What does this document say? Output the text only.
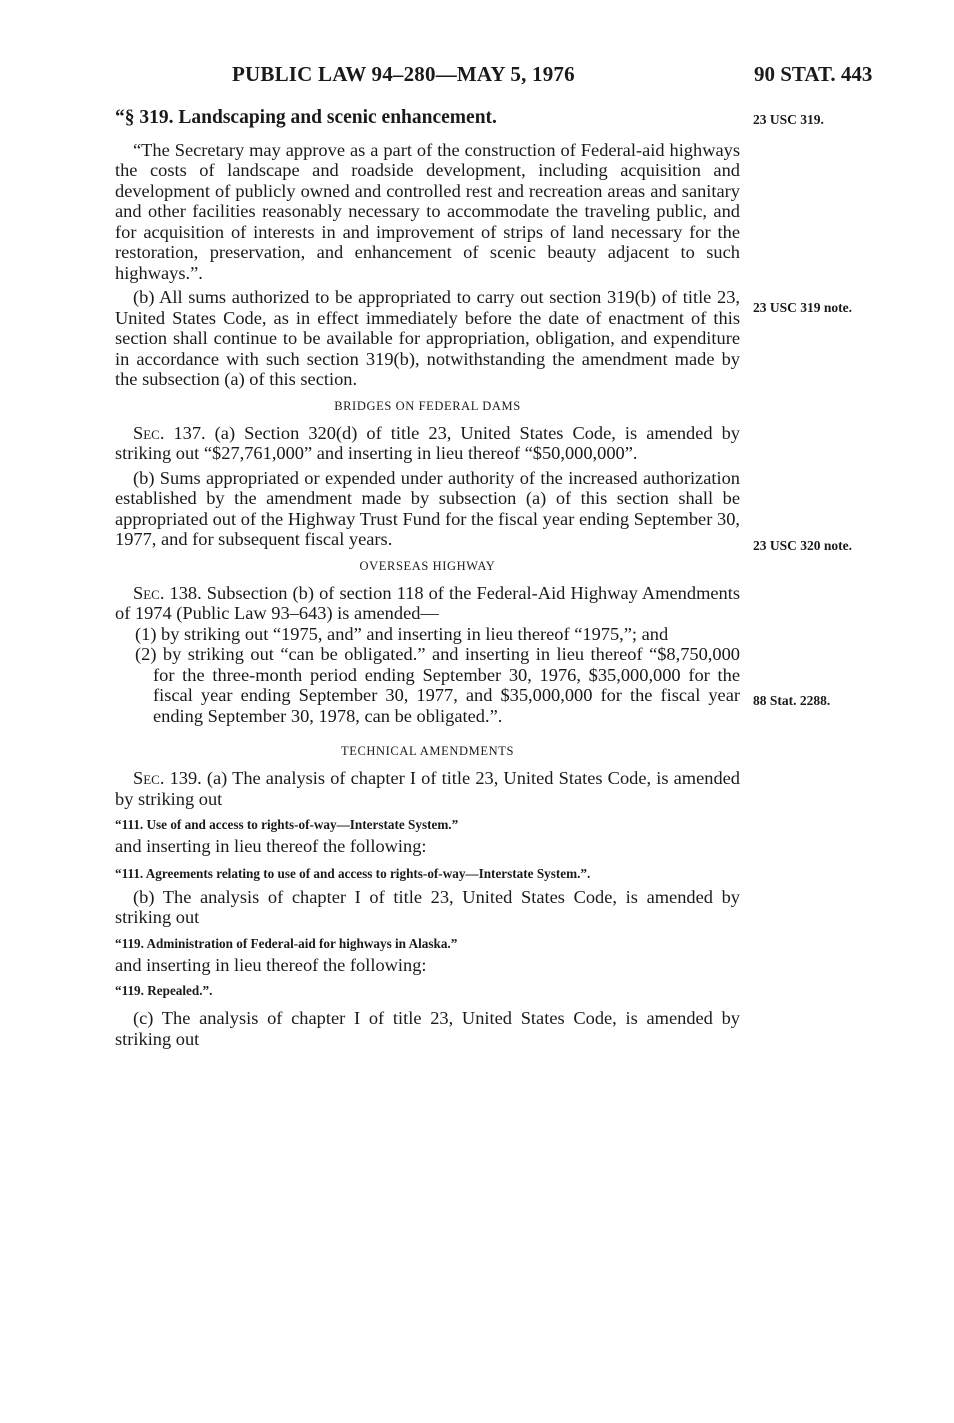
PUBLIC LAW 94–280—MAY 5, 1976	90 STAT. 443
23 USC 319.
23 USC 319 note.
23 USC 320 note.
88 Stat. 2288.

“§ 319. Landscaping and scenic enhancement.

“The Secretary may approve as a part of the construction of Federal-aid highways the costs of landscape and roadside development, including acquisition and development of publicly owned and controlled rest and recreation areas and sanitary and other facilities reasonably necessary to accommodate the traveling public, and for acquisition of interests in and improvement of strips of land necessary for the restoration, preservation, and enhancement of scenic beauty adjacent to such highways.”.

(b) All sums authorized to be appropriated to carry out section 319(b) of title 23, United States Code, as in effect immediately before the date of enactment of this section shall continue to be available for appropriation, obligation, and expenditure in accordance with such section 319(b), notwithstanding the amendment made by the subsection (a) of this section.

BRIDGES ON FEDERAL DAMS

Sec. 137. (a) Section 320(d) of title 23, United States Code, is amended by striking out “$27,761,000” and inserting in lieu thereof “$50,000,000”.

(b) Sums appropriated or expended under authority of the increased authorization established by the amendment made by subsection (a) of this section shall be appropriated out of the Highway Trust Fund for the fiscal year ending September 30, 1977, and for subsequent fiscal years.

OVERSEAS HIGHWAY

Sec. 138. Subsection (b) of section 118 of the Federal-Aid Highway Amendments of 1974 (Public Law 93–643) is amended—

(1) by striking out “1975, and” and inserting in lieu thereof “1975,”; and

(2) by striking out “can be obligated.” and inserting in lieu thereof “$8,750,000 for the three-month period ending September 30, 1976, $35,000,000 for the fiscal year ending September 30, 1977, and $35,000,000 for the fiscal year ending September 30, 1978, can be obligated.”.

TECHNICAL AMENDMENTS

Sec. 139. (a) The analysis of chapter I of title 23, United States Code, is amended by striking out

“111. Use of and access to rights-of-way—Interstate System.”

and inserting in lieu thereof the following:

“111. Agreements relating to use of and access to rights-of-way—Interstate System.”.

(b) The analysis of chapter I of title 23, United States Code, is amended by striking out

“119. Administration of Federal-aid for highways in Alaska.”

and inserting in lieu thereof the following:

“119. Repealed.”.

(c) The analysis of chapter I of title 23, United States Code, is amended by striking out
